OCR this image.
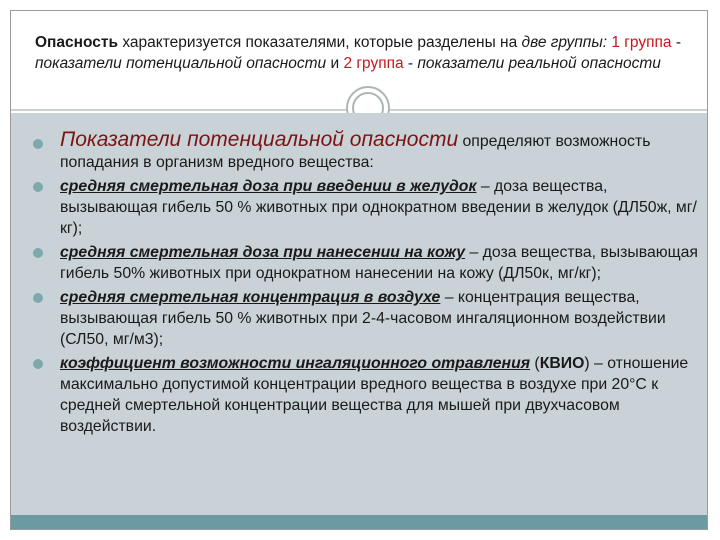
Опасность характеризуется показателями, которые разделены на две группы: 1 группа - показатели потенциальной опасности и 2 группа - показатели реальной опасности
Показатели потенциальной опасности определяют возможность попадания в организм вредного вещества:
средняя смертельная доза при введении в желудок – доза вещества, вызывающая гибель 50 % животных при однократном введении в желудок (ДЛ50ж, мг/кг);
средняя смертельная доза при нанесении на кожу – доза вещества, вызывающая гибель 50% животных при однократном нанесении на кожу (ДЛ50к, мг/кг);
средняя смертельная концентрация в воздухе – концентрация вещества, вызывающая гибель 50 % животных при 2-4-часовом ингаляционном воздействии (СЛ50, мг/м3);
коэффициент возможности ингаляционного отравления (КВИО) – отношение максимально допустимой концентрации вредного вещества в воздухе при 20°С к средней смертельной концентрации вещества для мышей при двухчасовом воздействии.
